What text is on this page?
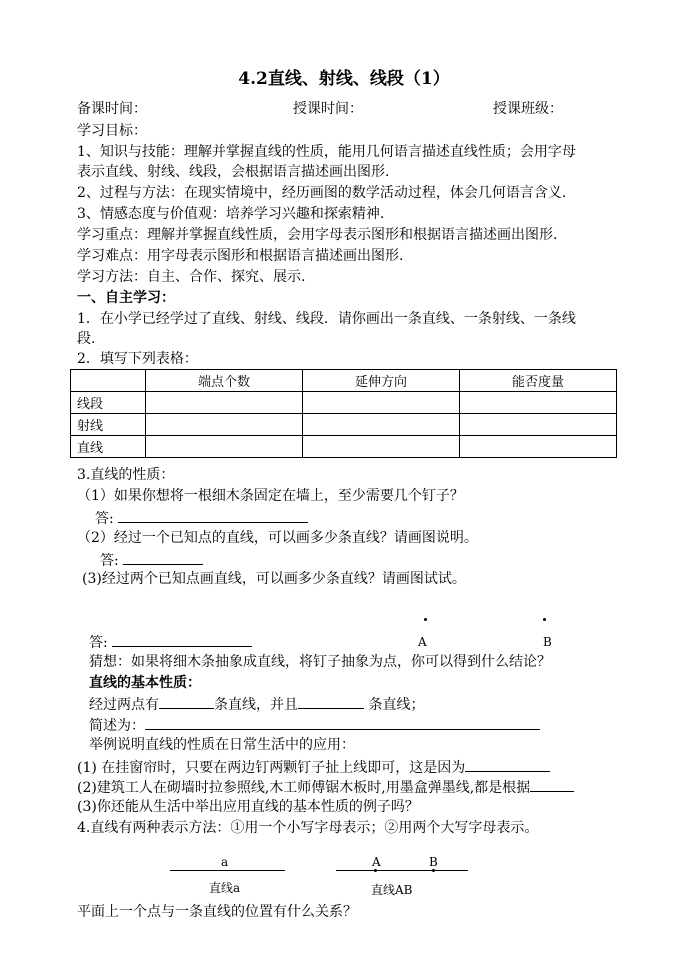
4.2直线、射线、线段（1）
备课时间：	授课时间：	授课班级：
学习目标：
1、知识与技能：理解并掌握直线的性质，能用几何语言描述直线性质；会用字母
表示直线、射线、线段，会根据语言描述画出图形.
2、过程与方法：在现实情境中，经历画图的数学活动过程，体会几何语言含义.
3、情感态度与价值观：培养学习兴趣和探索精神.
学习重点：理解并掌握直线性质，会用字母表示图形和根据语言描述画出图形.
学习难点：用字母表示图形和根据语言描述画出图形.
学习方法：自主、合作、探究、展示.
一、自主学习：
1．在小学已经学过了直线、射线、线段．请你画出一条直线、一条射线、一条线
段.
2．填写下列表格：
	端点个数	延伸方向	能否度量
线段			
射线			
直线			
3.直线的性质：
（1）如果你想将一根细木条固定在墙上，至少需要几个钉子？
答:
（2）经过一个已知点的直线，可以画多少条直线？请画图说明。
答:
(3)经过两个已知点画直线，可以画多少条直线？请画图试试。
答:	A	B
猜想：如果将细木条抽象成直线，将钉子抽象为点，你可以得到什么结论？
直线的基本性质：
经过两点有	条直线，并且	条直线；
简述为：
举例说明直线的性质在日常生活中的应用：
(1) 在挂窗帘时，只要在两边钉两颗钉子扯上线即可，这是因为
(2)建筑工人在砌墙时拉参照线,木工师傅锯木板时,用墨盒弹墨线,都是根据
(3)你还能从生活中举出应用直线的基本性质的例子吗？
4.直线有两种表示方法：①用一个小写字母表示；②用两个大写字母表示。
a
直线a
A	B
直线AB
平面上一个点与一条直线的位置有什么关系？
